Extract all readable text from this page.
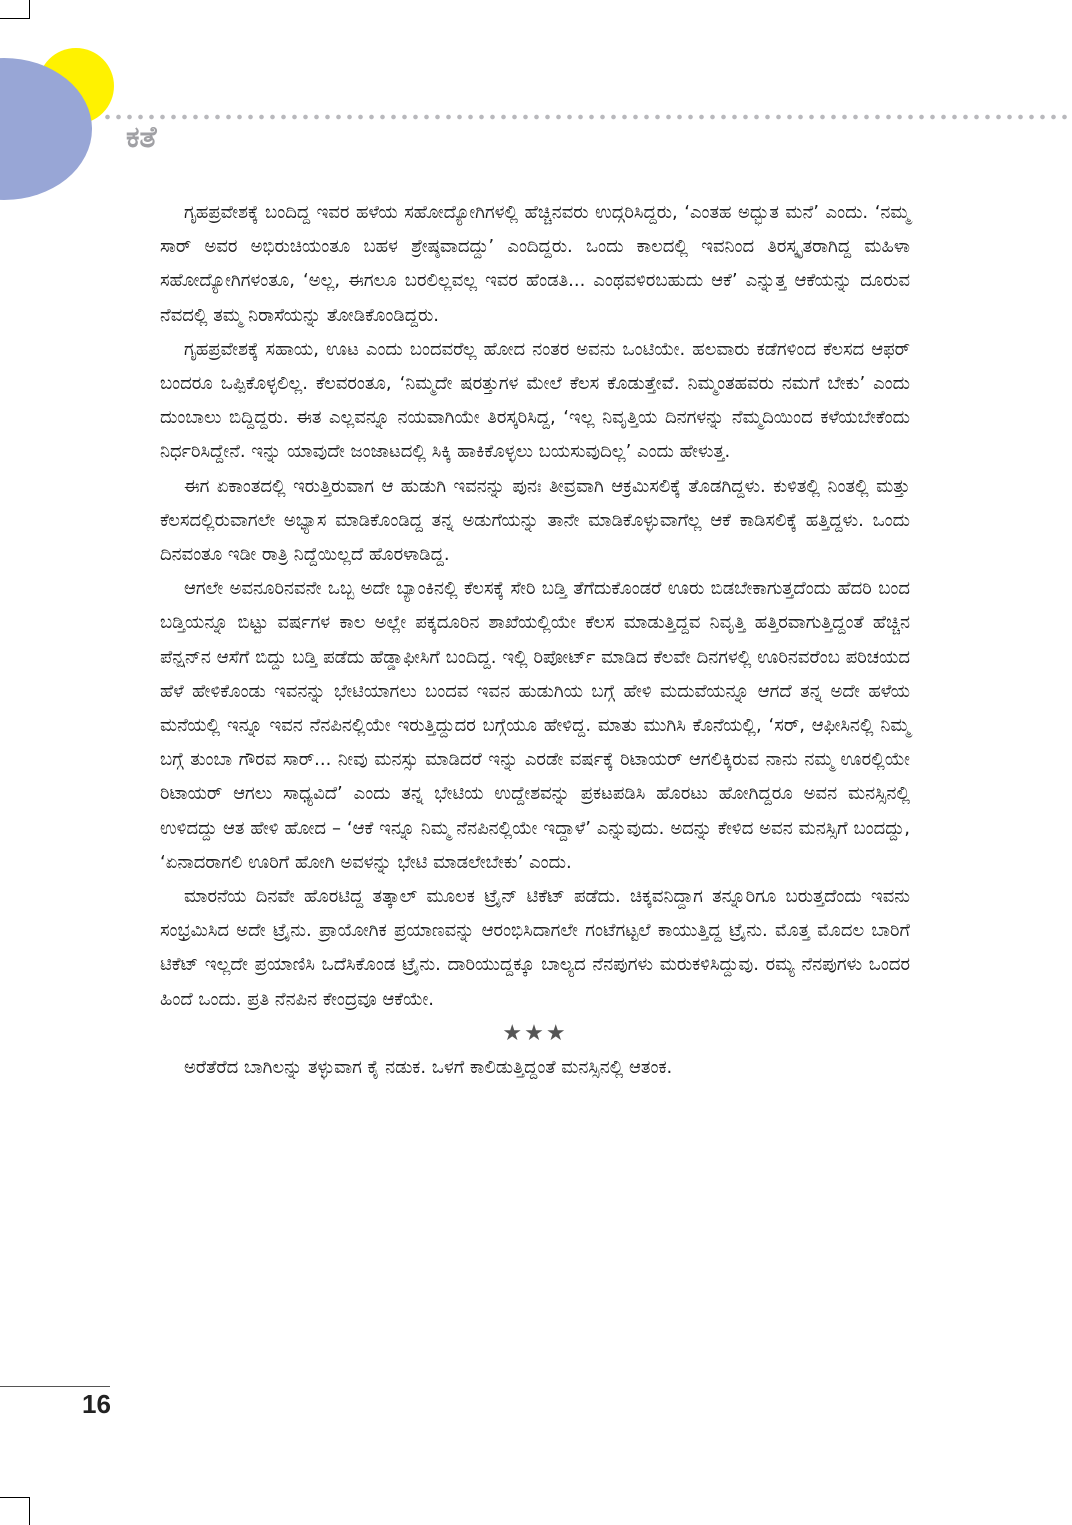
ಕತೆ

ಗೃಹಪ್ರವೇಶಕ್ಕೆ ಬಂದಿದ್ದ ಇವರ ಹಳೆಯ ಸಹೋದ್ಯೋಗಿಗಳಲ್ಲಿ ಹೆಚ್ಚಿನವರು ಉದ್ಗರಿಸಿದ್ದರು, ‘ಎಂತಹ ಅದ್ಭುತ ಮನೆ’ ಎಂದು. ‘ನಮ್ಮ ಸಾರ್ ಅವರ ಅಭಿರುಚಿಯಂತೂ ಬಹಳ ಶ್ರೇಷ್ಠವಾದದ್ದು’ ಎಂದಿದ್ದರು. ಒಂದು ಕಾಲದಲ್ಲಿ ಇವನಿಂದ ತಿರಸ್ಕೃತರಾಗಿದ್ದ ಮಹಿಳಾ ಸಹೋದ್ಯೋಗಿಗಳಂತೂ, ‘ಅಲ್ಲ, ಈಗಲೂ ಬರಲಿಲ್ಲವಲ್ಲ ಇವರ ಹೆಂಡತಿ... ಎಂಥವಳಿರಬಹುದು ಆಕೆ’ ಎನ್ನುತ್ತ ಆಕೆಯನ್ನು ದೂರುವ ನೆವದಲ್ಲಿ ತಮ್ಮ ನಿರಾಸೆಯನ್ನು ತೋಡಿಕೊಂಡಿದ್ದರು.

ಗೃಹಪ್ರವೇಶಕ್ಕೆ ಸಹಾಯ, ಊಟ ಎಂದು ಬಂದವರೆಲ್ಲ ಹೋದ ನಂತರ ಅವನು ಒಂಟಿಯೇ. ಹಲವಾರು ಕಡೆಗಳಿಂದ ಕೆಲಸದ ಆಫರ್ ಬಂದರೂ ಒಪ್ಪಿಕೊಳ್ಳಲಿಲ್ಲ. ಕೆಲವರಂತೂ, ‘ನಿಮ್ಮದೇ ಷರತ್ತುಗಳ ಮೇಲೆ ಕೆಲಸ ಕೊಡುತ್ತೇವೆ. ನಿಮ್ಮಂತಹವರು ನಮಗೆ ಬೇಕು’ ಎಂದು ದುಂಬಾಲು ಬಿದ್ದಿದ್ದರು. ಈತ ಎಲ್ಲವನ್ನೂ ನಯವಾಗಿಯೇ ತಿರಸ್ಕರಿಸಿದ್ದ, ‘ಇಲ್ಲ ನಿವೃತ್ತಿಯ ದಿನಗಳನ್ನು ನೆಮ್ಮದಿಯಿಂದ ಕಳೆಯಬೇಕೆಂದು ನಿರ್ಧರಿಸಿದ್ದೇನೆ. ಇನ್ನು ಯಾವುದೇ ಜಂಜಾಟದಲ್ಲಿ ಸಿಕ್ಕಿ ಹಾಕಿಕೊಳ್ಳಲು ಬಯಸುವುದಿಲ್ಲ’ ಎಂದು ಹೇಳುತ್ತ.

ಈಗ ಏಕಾಂತದಲ್ಲಿ ಇರುತ್ತಿರುವಾಗ ಆ ಹುಡುಗಿ ಇವನನ್ನು ಪುನಃ ತೀವ್ರವಾಗಿ ಆಕ್ರಮಿಸಲಿಕ್ಕೆ ತೊಡಗಿದ್ದಳು. ಕುಳಿತಲ್ಲಿ ನಿಂತಲ್ಲಿ ಮತ್ತು ಕೆಲಸದಲ್ಲಿರುವಾಗಲೇ ಅಭ್ಯಾಸ ಮಾಡಿಕೊಂಡಿದ್ದ ತನ್ನ ಅಡುಗೆಯನ್ನು ತಾನೇ ಮಾಡಿಕೊಳ್ಳುವಾಗೆಲ್ಲ ಆಕೆ ಕಾಡಿಸಲಿಕ್ಕೆ ಹತ್ತಿದ್ದಳು. ಒಂದು ದಿನವಂತೂ ಇಡೀ ರಾತ್ರಿ ನಿದ್ದೆಯಿಲ್ಲದೆ ಹೊರಳಾಡಿದ್ದ.

ಆಗಲೇ ಅವನೂರಿನವನೇ ಒಬ್ಬ ಅದೇ ಬ್ಯಾಂಕಿನಲ್ಲಿ ಕೆಲಸಕ್ಕೆ ಸೇರಿ ಬಡ್ತಿ ತೆಗೆದುಕೊಂಡರೆ ಊರು ಬಿಡಬೇಕಾಗುತ್ತದೆಂದು ಹೆದರಿ ಬಂದ ಬಡ್ತಿಯನ್ನೂ ಬಿಟ್ಟು ವರ್ಷಗಳ ಕಾಲ ಅಲ್ಲೇ ಪಕ್ಕದೂರಿನ ಶಾಖೆಯಲ್ಲಿಯೇ ಕೆಲಸ ಮಾಡುತ್ತಿದ್ದವ ನಿವೃತ್ತಿ ಹತ್ತಿರವಾಗುತ್ತಿದ್ದಂತೆ ಹೆಚ್ಚಿನ ಪೆನ್ಷನ್‌ನ ಆಸೆಗೆ ಬಿದ್ದು ಬಡ್ತಿ ಪಡೆದು ಹೆಡ್ಡಾಫೀಸಿಗೆ ಬಂದಿದ್ದ. ಇಲ್ಲಿ ರಿಪೋರ್ಟ್ ಮಾಡಿದ ಕೆಲವೇ ದಿನಗಳಲ್ಲಿ ಊರಿನವರೆಂಬ ಪರಿಚಯದ ಹೆಳೆ ಹೇಳಿಕೊಂಡು ಇವನನ್ನು ಭೇಟಿಯಾಗಲು ಬಂದವ ಇವನ ಹುಡುಗಿಯ ಬಗ್ಗೆ ಹೇಳಿ ಮದುವೆಯನ್ನೂ ಆಗದೆ ತನ್ನ ಅದೇ ಹಳೆಯ ಮನೆಯಲ್ಲಿ ಇನ್ನೂ ಇವನ ನೆನಪಿನಲ್ಲಿಯೇ ಇರುತ್ತಿದ್ದುದರ ಬಗ್ಗೆಯೂ ಹೇಳಿದ್ದ. ಮಾತು ಮುಗಿಸಿ ಕೊನೆಯಲ್ಲಿ, ‘ಸರ್, ಆಫೀಸಿನಲ್ಲಿ ನಿಮ್ಮ ಬಗ್ಗೆ ತುಂಬಾ ಗೌರವ ಸಾರ್... ನೀವು ಮನಸ್ಸು ಮಾಡಿದರೆ ಇನ್ನು ಎರಡೇ ವರ್ಷಕ್ಕೆ ರಿಟಾಯರ್ ಆಗಲಿಕ್ಕಿರುವ ನಾನು ನಮ್ಮ ಊರಲ್ಲಿಯೇ ರಿಟಾಯರ್ ಆಗಲು ಸಾಧ್ಯವಿದೆ’ ಎಂದು ತನ್ನ ಭೇಟಿಯ ಉದ್ದೇಶವನ್ನು ಪ್ರಕಟಪಡಿಸಿ ಹೊರಟು ಹೋಗಿದ್ದರೂ ಅವನ ಮನಸ್ಸಿನಲ್ಲಿ ಉಳಿದದ್ದು ಆತ ಹೇಳಿ ಹೋದ – ‘ಆಕೆ ಇನ್ನೂ ನಿಮ್ಮ ನೆನಪಿನಲ್ಲಿಯೇ ಇದ್ದಾಳೆ’ ಎನ್ನುವುದು. ಅದನ್ನು ಕೇಳಿದ ಅವನ ಮನಸ್ಸಿಗೆ ಬಂದದ್ದು, ‘ಏನಾದರಾಗಲಿ ಊರಿಗೆ ಹೋಗಿ ಅವಳನ್ನು ಭೇಟಿ ಮಾಡಲೇಬೇಕು’ ಎಂದು.

ಮಾರನೆಯ ದಿನವೇ ಹೊರಟಿದ್ದ ತತ್ಕಾಲ್ ಮೂಲಕ ಟ್ರೈನ್ ಟಿಕೆಟ್ ಪಡೆದು. ಚಿಕ್ಕವನಿದ್ದಾಗ ತನ್ನೂರಿಗೂ ಬರುತ್ತದೆಂದು ಇವನು ಸಂಭ್ರಮಿಸಿದ ಅದೇ ಟ್ರೈನು. ಪ್ರಾಯೋಗಿಕ ಪ್ರಯಾಣವನ್ನು ಆರಂಭಿಸಿದಾಗಲೇ ಗಂಟೆಗಟ್ಟಲೆ ಕಾಯುತ್ತಿದ್ದ ಟ್ರೈನು. ಮೊತ್ತ ಮೊದಲ ಬಾರಿಗೆ ಟಿಕೆಟ್ ಇಲ್ಲದೇ ಪ್ರಯಾಣಿಸಿ ಒದೆಸಿಕೊಂಡ ಟ್ರೈನು. ದಾರಿಯುದ್ದಕ್ಕೂ ಬಾಲ್ಯದ ನೆನಪುಗಳು ಮರುಕಳಿಸಿದ್ದುವು. ರಮ್ಯ ನೆನಪುಗಳು ಒಂದರ ಹಿಂದೆ ಒಂದು. ಪ್ರತಿ ನೆನಪಿನ ಕೇಂದ್ರವೂ ಆಕೆಯೇ.

★★★

ಅರೆತೆರೆದ ಬಾಗಿಲನ್ನು ತಳ್ಳುವಾಗ ಕೈ ನಡುಕ. ಒಳಗೆ ಕಾಲಿಡುತ್ತಿದ್ದಂತೆ ಮನಸ್ಸಿನಲ್ಲಿ ಆತಂಕ.

16
